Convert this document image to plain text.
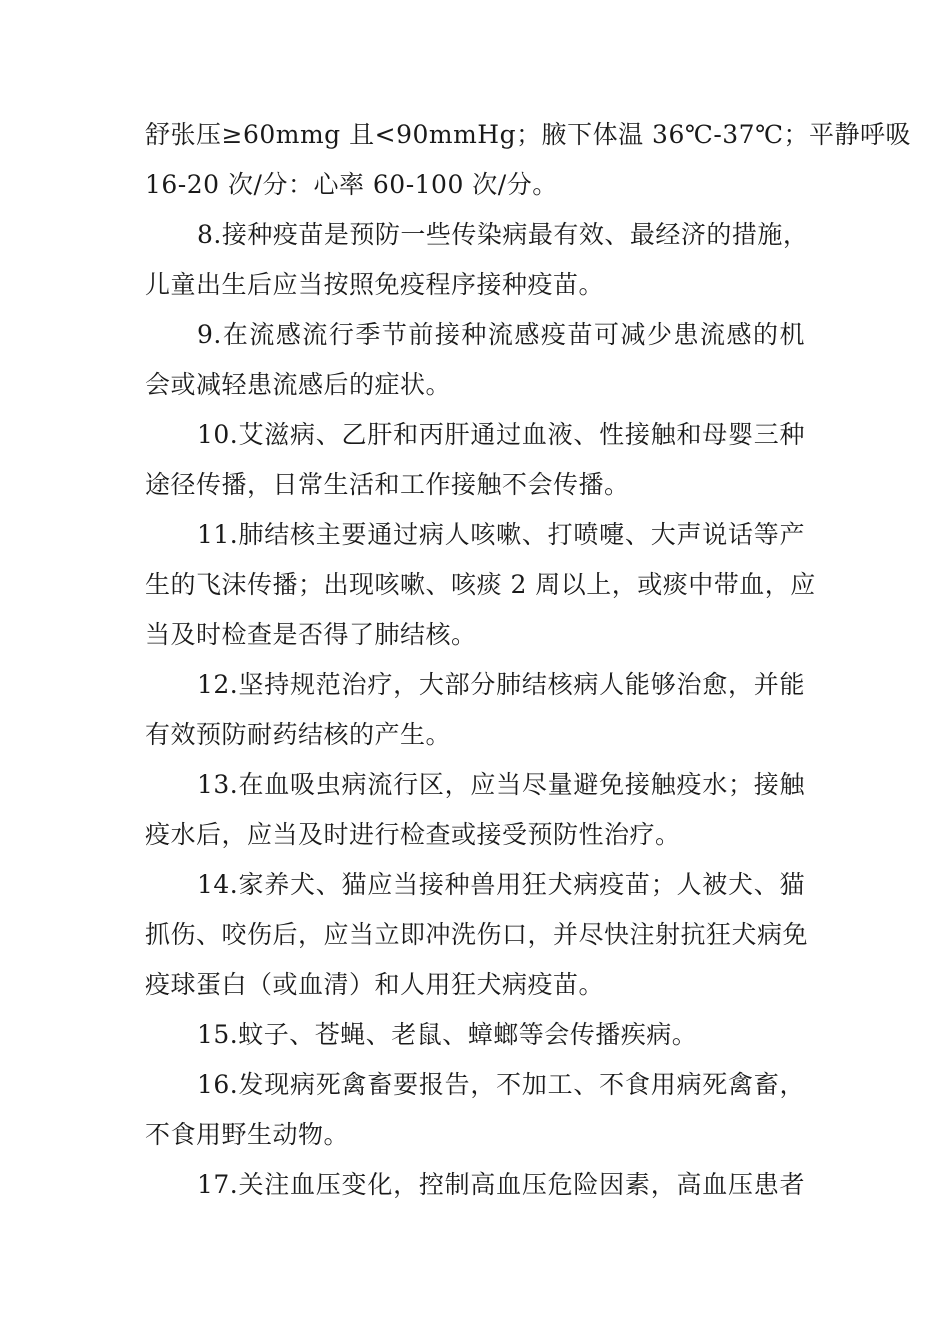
舒张压≥60mmg 且<90mmHg；腋下体温 36℃-37℃；平静呼吸
16-20 次/分：心率 60-100 次/分。
8.接种疫苗是预防一些传染病最有效、最经济的措施，
儿童出生后应当按照免疫程序接种疫苗。
9.在流感流行季节前接种流感疫苗可减少患流感的机
会或减轻患流感后的症状。
10.艾滋病、乙肝和丙肝通过血液、性接触和母婴三种
途径传播，日常生活和工作接触不会传播。
11.肺结核主要通过病人咳嗽、打喷嚏、大声说话等产
生的飞沫传播；出现咳嗽、咳痰 2 周以上，或痰中带血，应
当及时检查是否得了肺结核。
12.坚持规范治疗，大部分肺结核病人能够治愈，并能
有效预防耐药结核的产生。
13.在血吸虫病流行区，应当尽量避免接触疫水；接触
疫水后，应当及时进行检查或接受预防性治疗。
14.家养犬、猫应当接种兽用狂犬病疫苗；人被犬、猫
抓伤、咬伤后，应当立即冲洗伤口，并尽快注射抗狂犬病免
疫球蛋白（或血清）和人用狂犬病疫苗。
15.蚊子、苍蝇、老鼠、蟑螂等会传播疾病。
16.发现病死禽畜要报告，不加工、不食用病死禽畜，
不食用野生动物。
17.关注血压变化，控制高血压危险因素，高血压患者
